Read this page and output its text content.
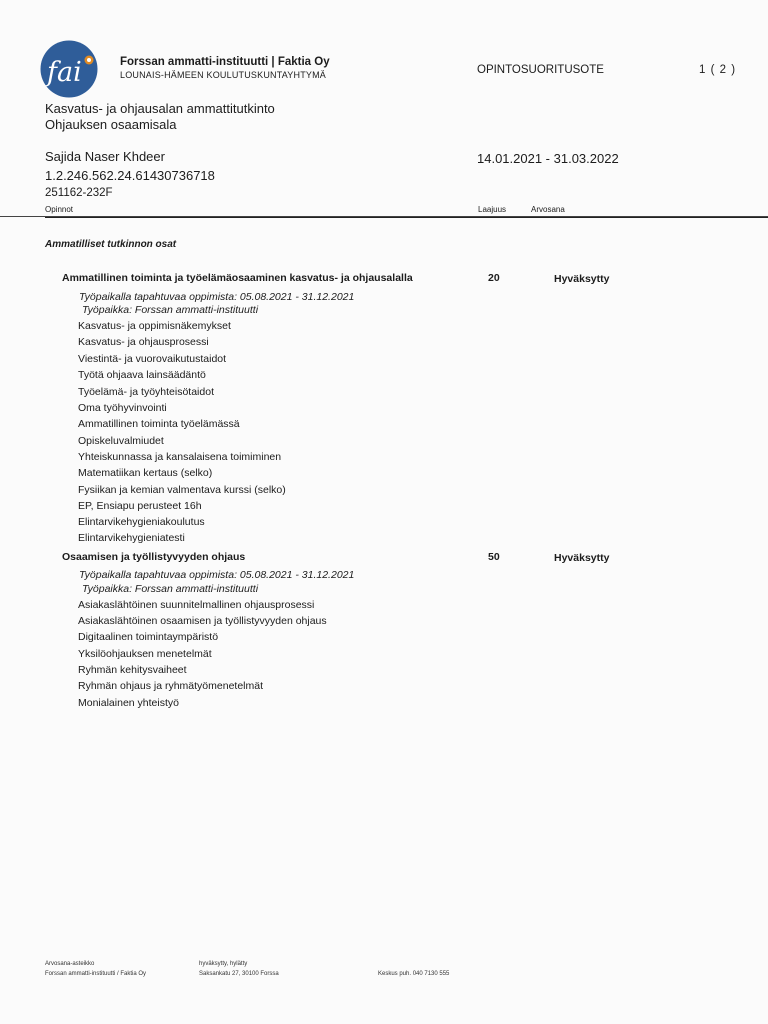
fai	Forssan ammatti-instituutti | Faktia Oy
LOUNAIS-HÄMEEN KOULUTUSKUNTAYHTYMÄ	OPINTOSUORITUSOTE	1 ( 2 )
Kasvatus- ja ohjausalan ammattitutkinto
Ohjauksen osaamisala
Sajida Naser Khdeer	14.01.2021 - 31.03.2022
1.2.246.562.24.61430736718
251162-232F
Opinnot	Laajuus	Arvosana
Ammatilliset tutkinnon osat
Ammatillinen toiminta ja työelämäosaaminen kasvatus- ja ohjausalalla	20	Hyväksytty
Työpaikalla tapahtuvaa oppimista: 05.08.2021 - 31.12.2021
Työpaikka: Forssan ammatti-instituutti
Kasvatus- ja oppimisnäkemykset
Kasvatus- ja ohjausprosessi
Viestintä- ja vuorovaikutustaidot
Työtä ohjaava lainsäädäntö
Työelämä- ja työyhteisötaidot
Oma työhyvinvointi
Ammatillinen toiminta työelämässä
Opiskeluvalmiudet
Yhteiskunnassa ja kansalaisena toimiminen
Matematiikan kertaus (selko)
Fysiikan ja kemian valmentava kurssi (selko)
EP, Ensiapu perusteet 16h
Elintarvikehygieniakoulutus
Elintarvikehygieniatesti
Osaamisen ja työllistyvyyden ohjaus	50	Hyväksytty
Työpaikalla tapahtuvaa oppimista: 05.08.2021 - 31.12.2021
Työpaikka: Forssan ammatti-instituutti
Asiakaslähtöinen suunnitelmallinen ohjausprosessi
Asiakaslähtöinen osaamisen ja työllistyvyyden ohjaus
Digitaalinen toimintaympäristö
Yksilöohjauksen menetelmät
Ryhmän kehitysvaiheet
Ryhmän ohjaus ja ryhmätyömenetelmät
Monialainen yhteistyö
Arvosana-asteikko
Forssan ammatti-instituutti / Faktia Oy
hyväksytty, hylätty
Saksankatu 27, 30100 Forssa	Keskus puh. 040 7130 555
